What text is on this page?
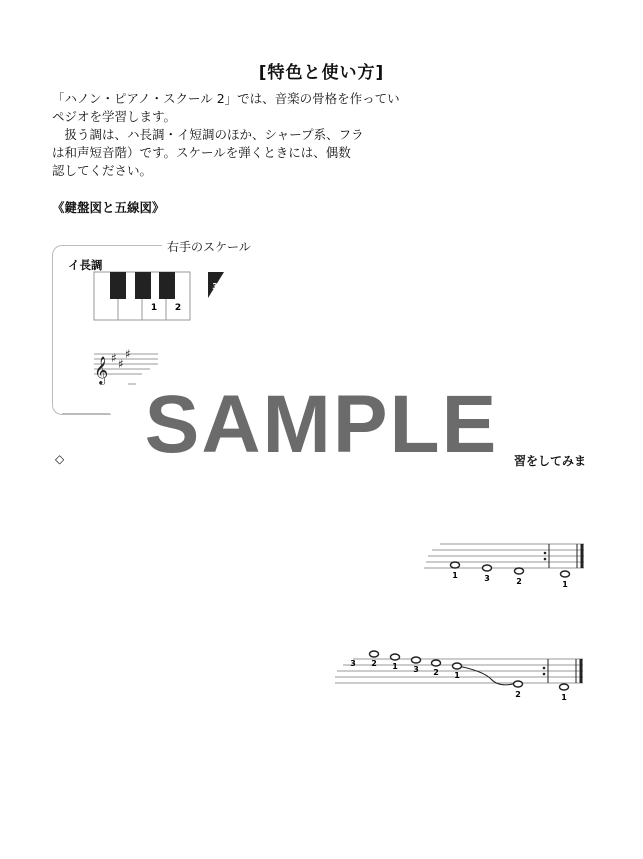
[特色と使い方]
「ハノン・ピアノ・スクール 2」では、音楽の骨格を作ってい
ペジオを学習します。
　扱う調は、ハ長調・イ短調のほか、シャープ系、フラ
は和声短音階）です。スケールを弾くときには、偶数
認してください。
《鍵盤図と五線図》
右手のスケール
イ長調
1 2
3
𝄞 ♯ ♯
♯
◇	習をしてみま
1	3	2	1
3 2 1 3 2 1
2	1
SAMPLE
